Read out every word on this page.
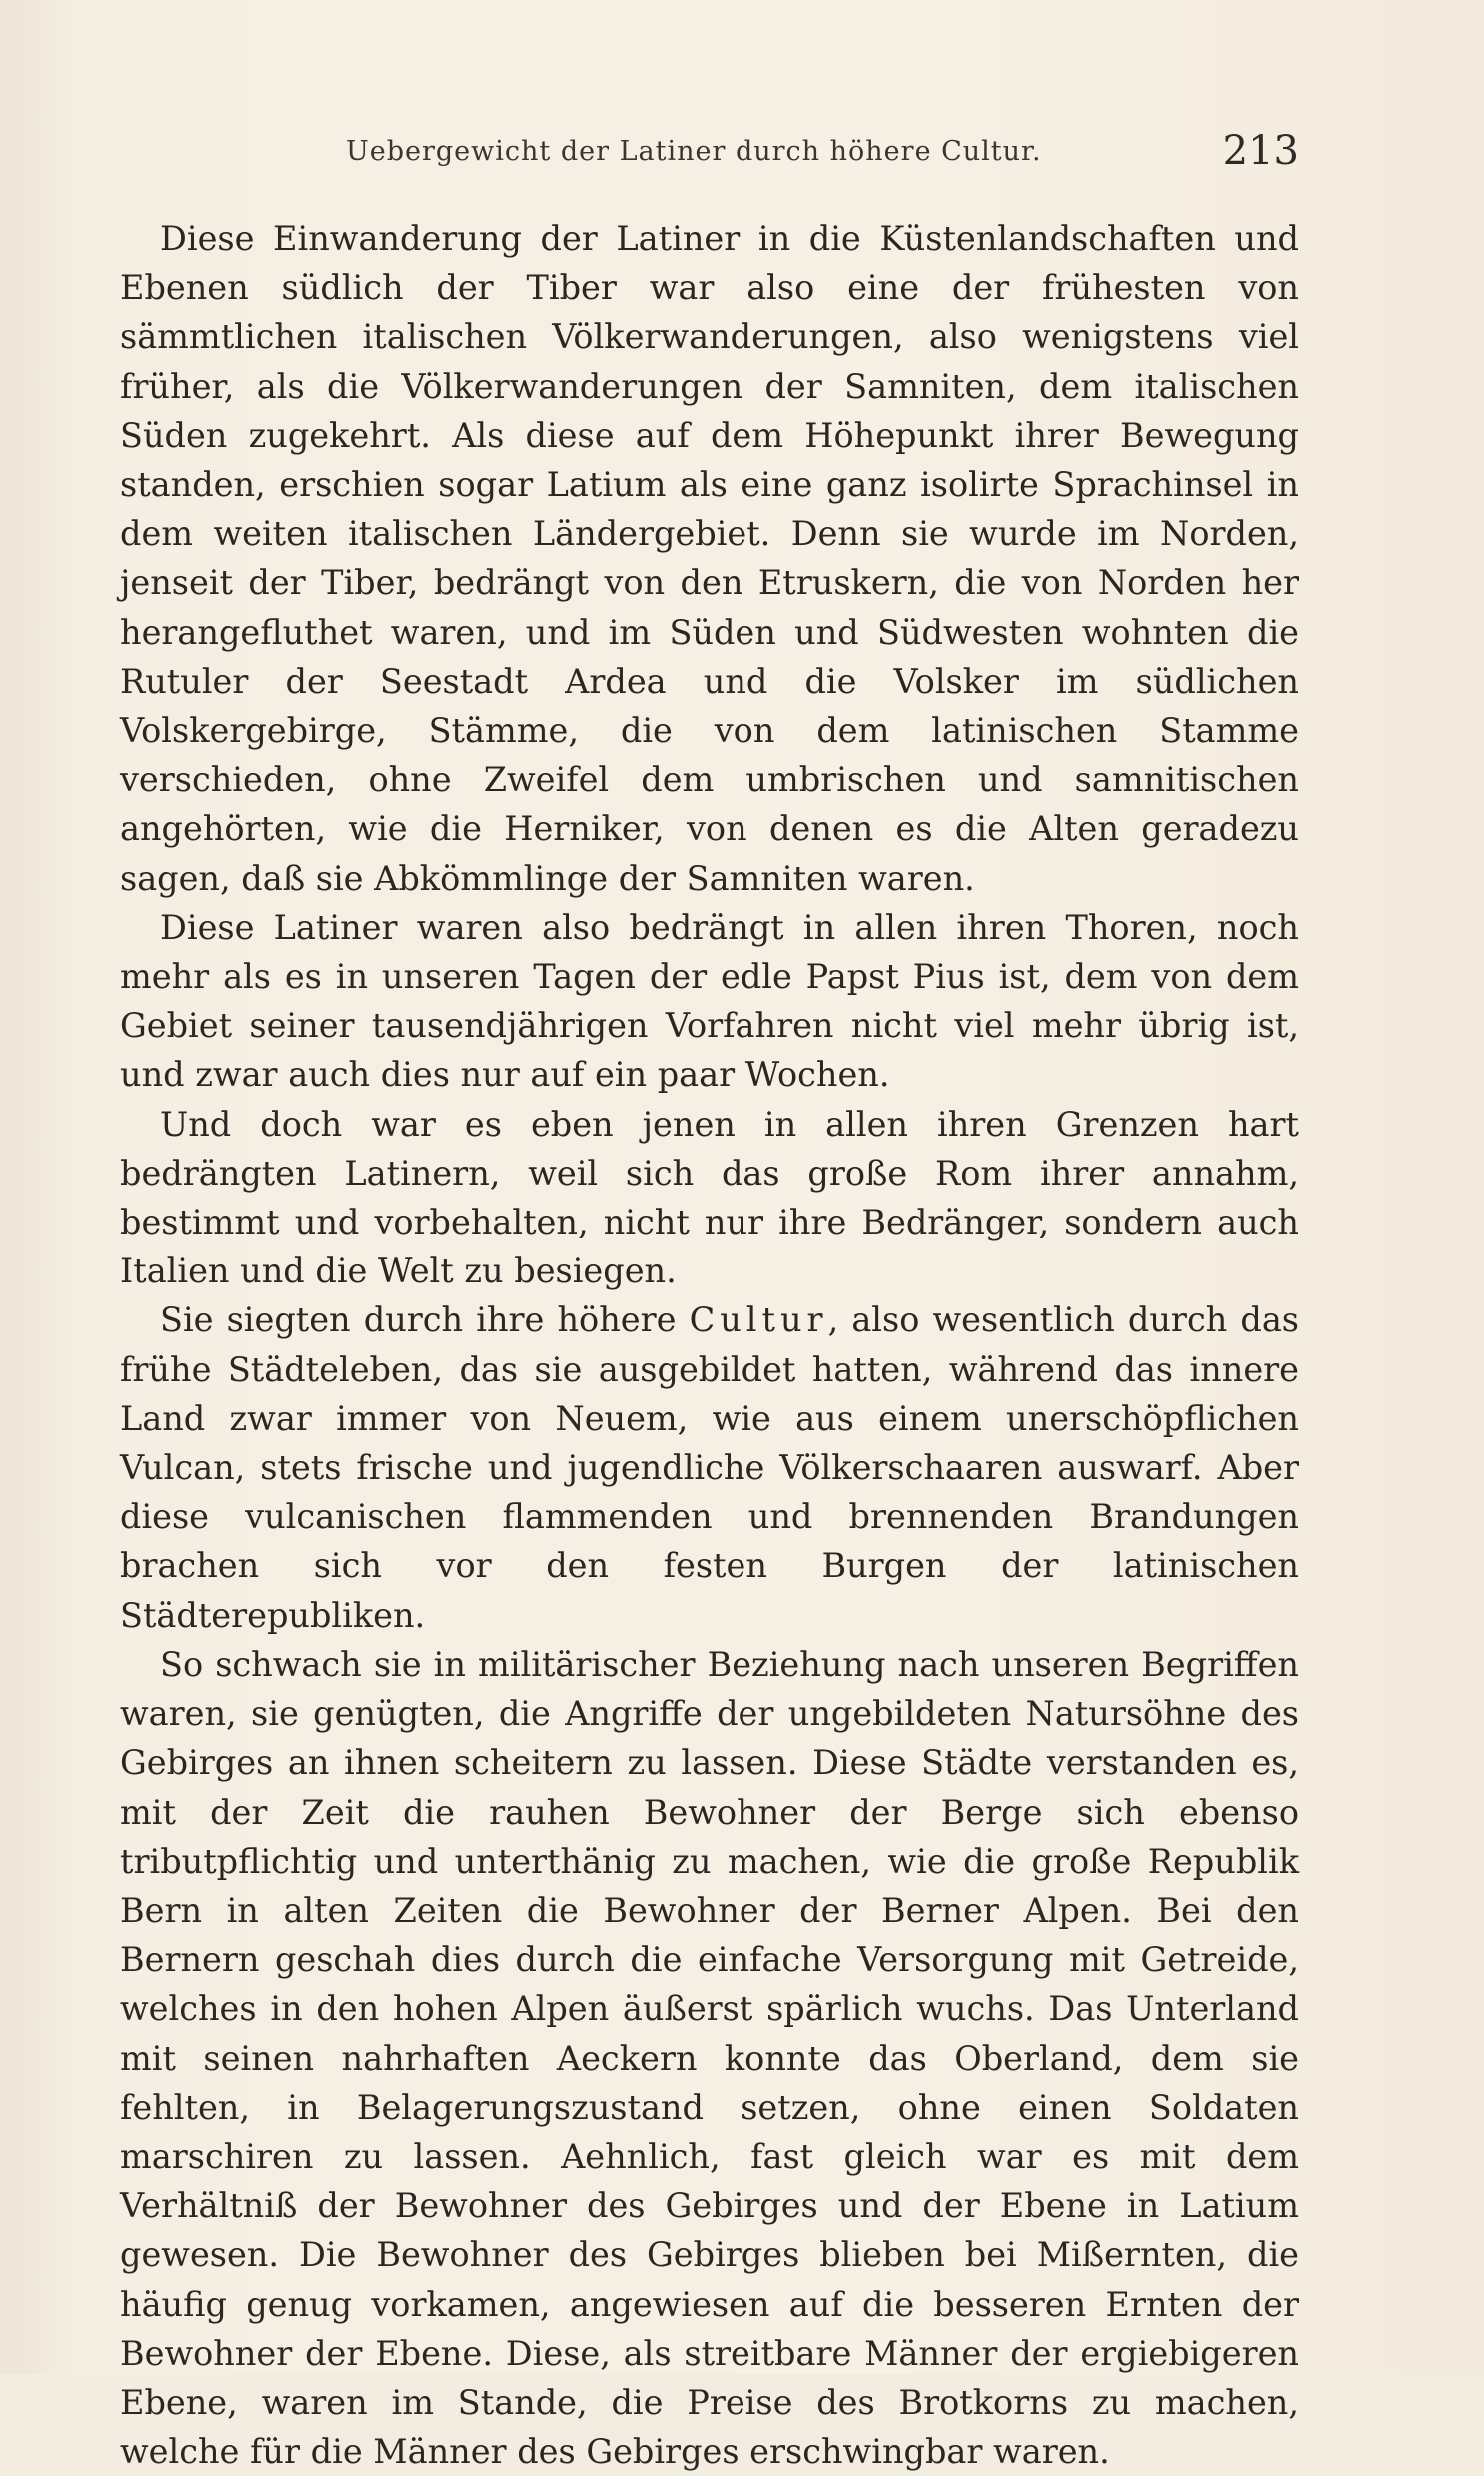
Uebergewicht der Latiner durch höhere Cultur.	213

Diese Einwanderung der Latiner in die Küstenlandschaften und Ebenen südlich der Tiber war also eine der frühesten von sämmtlichen italischen Völkerwanderungen, also wenigstens viel früher, als die Völkerwanderungen der Samniten, dem italischen Süden zugekehrt. Als diese auf dem Höhepunkt ihrer Bewegung standen, erschien sogar Latium als eine ganz isolirte Sprachinsel in dem weiten italischen Ländergebiet. Denn sie wurde im Norden, jenseit der Tiber, bedrängt von den Etruskern, die von Norden her herangefluthet waren, und im Süden und Südwesten wohnten die Rutuler der Seestadt Ardea und die Volsker im südlichen Volskergebirge, Stämme, die von dem latinischen Stamme verschieden, ohne Zweifel dem umbrischen und samnitischen angehörten, wie die Herniker, von denen es die Alten geradezu sagen, daß sie Abkömmlinge der Samniten waren.

Diese Latiner waren also bedrängt in allen ihren Thoren, noch mehr als es in unseren Tagen der edle Papst Pius ist, dem von dem Gebiet seiner tausendjährigen Vorfahren nicht viel mehr übrig ist, und zwar auch dies nur auf ein paar Wochen.

Und doch war es eben jenen in allen ihren Grenzen hart bedrängten Latinern, weil sich das große Rom ihrer annahm, bestimmt und vorbehalten, nicht nur ihre Bedränger, sondern auch Italien und die Welt zu besiegen.

Sie siegten durch ihre höhere Cultur, also wesentlich durch das frühe Städteleben, das sie ausgebildet hatten, während das innere Land zwar immer von Neuem, wie aus einem unerschöpflichen Vulcan, stets frische und jugendliche Völkerschaaren auswarf. Aber diese vulcanischen flammenden und brennenden Brandungen brachen sich vor den festen Burgen der latinischen Städterepubliken.

So schwach sie in militärischer Beziehung nach unseren Begriffen waren, sie genügten, die Angriffe der ungebildeten Natursöhne des Gebirges an ihnen scheitern zu lassen. Diese Städte verstanden es, mit der Zeit die rauhen Bewohner der Berge sich ebenso tributpflichtig und unterthänig zu machen, wie die große Republik Bern in alten Zeiten die Bewohner der Berner Alpen. Bei den Bernern geschah dies durch die einfache Versorgung mit Getreide, welches in den hohen Alpen äußerst spärlich wuchs. Das Unterland mit seinen nahrhaften Aeckern konnte das Oberland, dem sie fehlten, in Belagerungszustand setzen, ohne einen Soldaten marschiren zu lassen. Aehnlich, fast gleich war es mit dem Verhältniß der Bewohner des Gebirges und der Ebene in Latium gewesen. Die Bewohner des Gebirges blieben bei Mißernten, die häufig genug vorkamen, angewiesen auf die besseren Ernten der Bewohner der Ebene. Diese, als streitbare Männer der ergiebigeren Ebene, waren im Stande, die Preise des Brotkorns zu machen, welche für die Männer des Gebirges erschwingbar waren.
